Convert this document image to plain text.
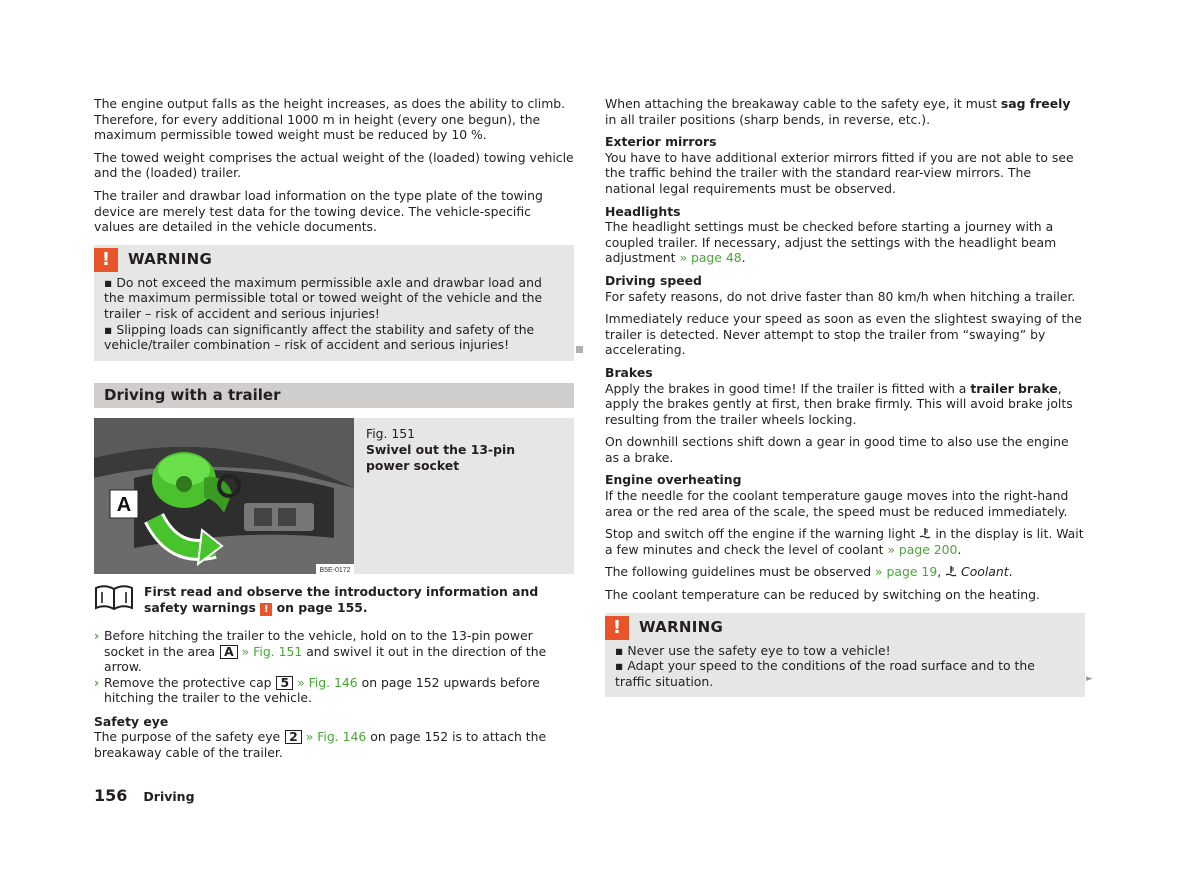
The engine output falls as the height increases, as does the ability to climb. Therefore, for every additional 1000 m in height (every one begun), the maximum permissible towed weight must be reduced by 10 %.

The towed weight comprises the actual weight of the (loaded) towing vehicle and the (loaded) trailer.

The trailer and drawbar load information on the type plate of the towing device are merely test data for the towing device. The vehicle-specific values are detailed in the vehicle documents.

!	WARNING

▪ Do not exceed the maximum permissible axle and drawbar load and the maximum permissible total or towed weight of the vehicle and the trailer – risk of accident and serious injuries!

▪ Slipping loads can significantly affect the stability and safety of the vehicle/trailer combination – risk of accident and serious injuries!

Driving with a trailer
A
B5E-0172
Fig. 151
Swivel out the 13-pin power socket
First read and observe the introductory information and safety warnings ! on page 155.
› Before hitching the trailer to the vehicle, hold on to the 13-pin power socket in the area A » Fig. 151 and swivel it out in the direction of the arrow.
› Remove the protective cap 5 » Fig. 146 on page 152 upwards before hitching the trailer to the vehicle.

Safety eye

The purpose of the safety eye 2 » Fig. 146 on page 152 is to attach the breakaway cable of the trailer.

When attaching the breakaway cable to the safety eye, it must sag freely in all trailer positions (sharp bends, in reverse, etc.).

Exterior mirrors

You have to have additional exterior mirrors fitted if you are not able to see the traffic behind the trailer with the standard rear-view mirrors. The national legal requirements must be observed.

Headlights

The headlight settings must be checked before starting a journey with a coupled trailer. If necessary, adjust the settings with the headlight beam adjustment » page 48.

Driving speed

For safety reasons, do not drive faster than 80 km/h when hitching a trailer.

Immediately reduce your speed as soon as even the slightest swaying of the trailer is detected. Never attempt to stop the trailer from “swaying” by accelerating.

Brakes

Apply the brakes in good time! If the trailer is fitted with a trailer brake, apply the brakes gently at first, then brake firmly. This will avoid brake jolts resulting from the trailer wheels locking.

On downhill sections shift down a gear in good time to also use the engine as a brake.

Engine overheating

If the needle for the coolant temperature gauge moves into the right-hand area or the red area of the scale, the speed must be reduced immediately.

Stop and switch off the engine if the warning light in the display is lit. Wait a few minutes and check the level of coolant » page 200.

The following guidelines must be observed » page 19,  Coolant.

The coolant temperature can be reduced by switching on the heating.

!	WARNING

▪ Never use the safety eye to tow a vehicle!

▪ Adapt your speed to the conditions of the road surface and to the traffic situation.	►
156 Driving
